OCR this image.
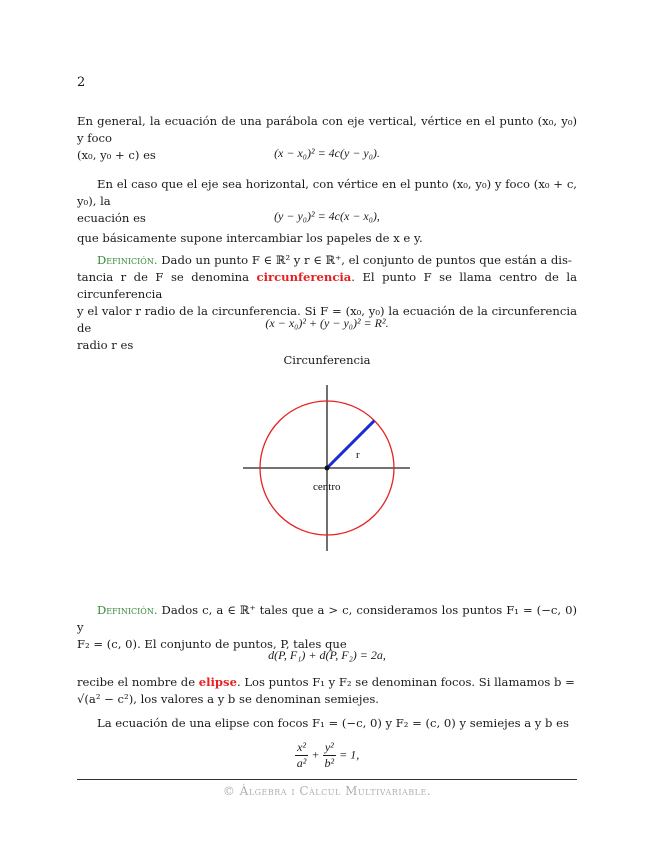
2
En general, la ecuación de una parábola con eje vertical, vértice en el punto (x₀, y₀) y foco
(x₀, y₀ + c) es	(x − x₀)² = 4c(y − y₀).
En el caso que el eje sea horizontal, con vértice en el punto (x₀, y₀) y foco (x₀ + c, y₀), la
ecuación es	(y − y₀)² = 4c(x − x₀),
que básicamente supone intercambiar los papeles de x e y.
Definición. Dado un punto F ∈ ℝ² y r ∈ ℝ⁺, el conjunto de puntos que están a dis-
tancia r de F se denomina circunferencia. El punto F se llama centro de la circunferencia
y el valor r radio de la circunferencia. Si F = (x₀, y₀) la ecuación de la circunferencia de
radio r es
(x − x₀)² + (y − y₀)² = R².
Circunferencia
r
centro
Definición. Dados c, a ∈ ℝ⁺ tales que a > c, consideramos los puntos F₁ = (−c, 0) y
F₂ = (c, 0). El conjunto de puntos, P, tales que
d(P, F₁) + d(P, F₂) = 2a,
recibe el nombre de elipse. Los puntos F₁ y F₂ se denominan focos. Si llamamos b =
√(a² − c²), los valores a y b se denominan semiejes.
La ecuación de una elipse con focos F₁ = (−c, 0) y F₂ = (c, 0) y semiejes a y b es
$\frac{\text{x²}}{\text{a²}} + \frac{\text{y²}}{\text{b²}} = 1$,
© Àlgebra i Càlcul Multivariable.
